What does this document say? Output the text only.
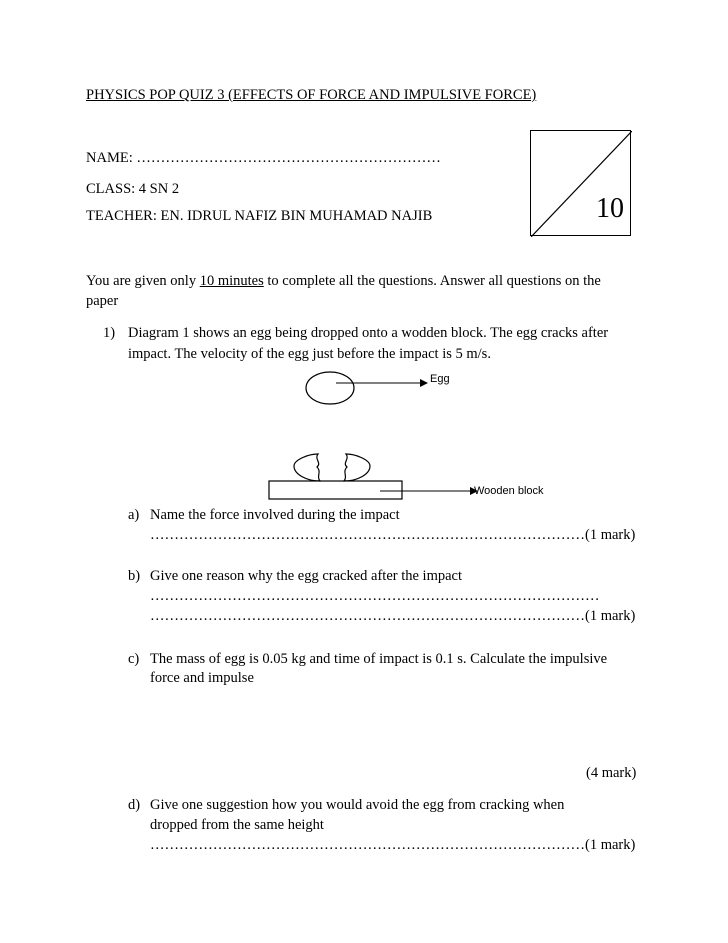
PHYSICS POP QUIZ 3 (EFFECTS OF FORCE AND IMPULSIVE FORCE)
NAME: ………………………………………………………
CLASS: 4 SN 2
TEACHER: EN. IDRUL NAFIZ BIN MUHAMAD NAJIB	10
You are given only 10 minutes to complete all the questions. Answer all questions on the
paper
1) Diagram 1 shows an egg being dropped onto a wodden block. The egg cracks after
impact. The velocity of the egg just before the impact is 5 m/s.
Egg
Wooden block
a) Name the force involved during the impact
………………………………………………………………………………(1 mark)
b) Give one reason why the egg cracked after the impact
…………………………………………………………………………………
………………………………………………………………………………(1 mark)
c) The mass of egg is 0.05 kg and time of impact is 0.1 s. Calculate the impulsive
force and impulse
(4 mark)
d) Give one suggestion how you would avoid the egg from cracking when
dropped from the same height
………………………………………………………………………………(1 mark)
